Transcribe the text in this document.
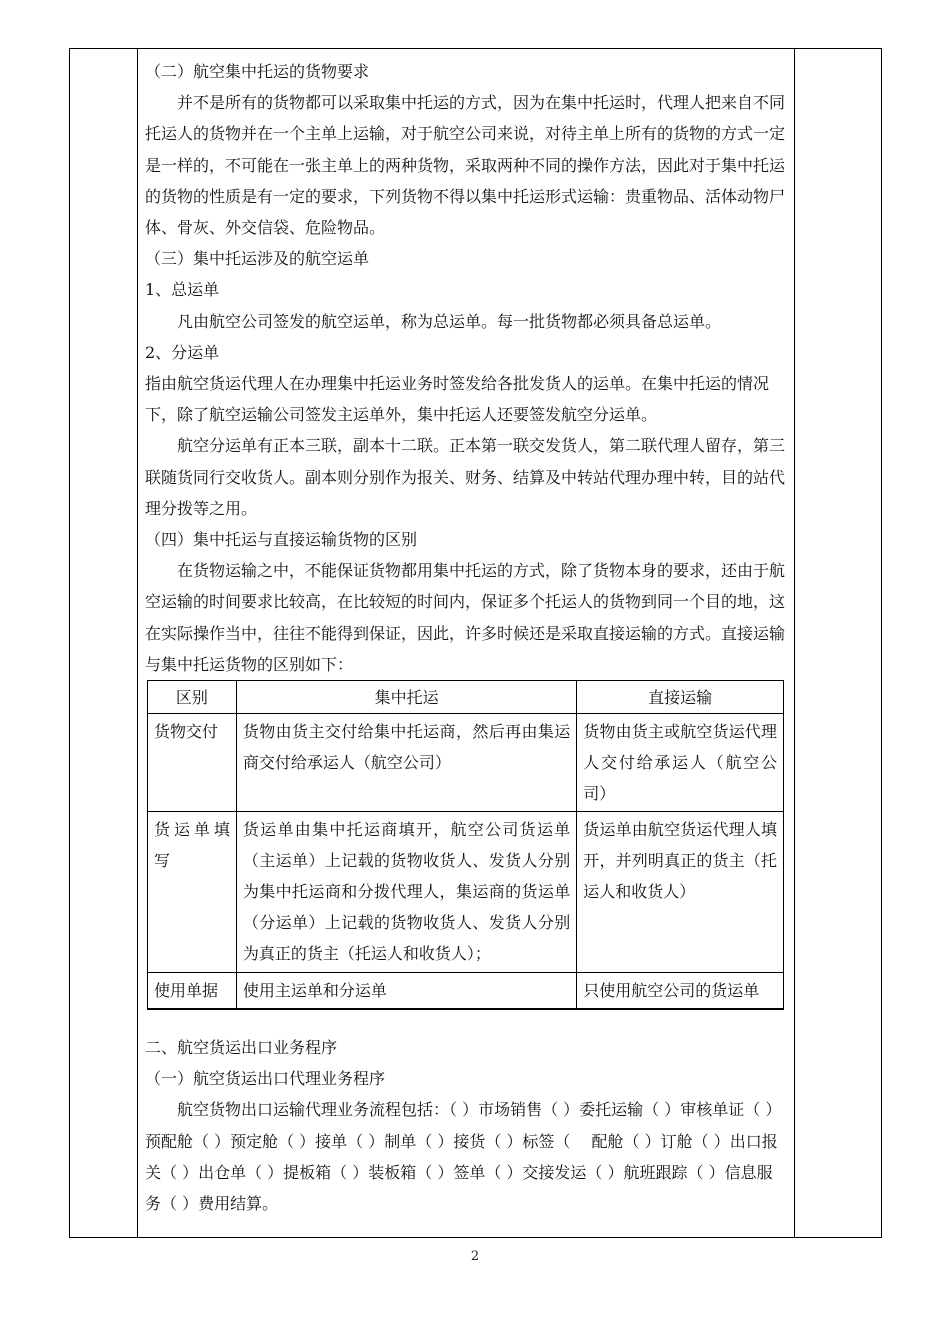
（二）航空集中托运的货物要求

并不是所有的货物都可以采取集中托运的方式，因为在集中托运时，代理人把来自不同托运人的货物并在一个主单上运输，对于航空公司来说，对待主单上所有的货物的方式一定是一样的，不可能在一张主单上的两种货物，采取两种不同的操作方法，因此对于集中托运的货物的性质是有一定的要求，下列货物不得以集中托运形式运输：贵重物品、活体动物尸体、骨灰、外交信袋、危险物品。

（三）集中托运涉及的航空运单

1、总运单

凡由航空公司签发的航空运单，称为总运单。每一批货物都必须具备总运单。

2、分运单

指由航空货运代理人在办理集中托运业务时签发给各批发货人的运单。在集中托运的情况下，除了航空运输公司签发主运单外，集中托运人还要签发航空分运单。

航空分运单有正本三联，副本十二联。正本第一联交发货人，第二联代理人留存，第三联随货同行交收货人。副本则分别作为报关、财务、结算及中转站代理办理中转，目的站代理分拨等之用。

（四）集中托运与直接运输货物的区别

在货物运输之中，不能保证货物都用集中托运的方式，除了货物本身的要求，还由于航空运输的时间要求比较高，在比较短的时间内，保证多个托运人的货物到同一个目的地，这在实际操作当中，往往不能得到保证，因此，许多时候还是采取直接运输的方式。直接运输与集中托运货物的区别如下：

区别	集中托运	直接运输
货物交付	货物由货主交付给集中托运商，然后再由集运商交付给承运人（航空公司）	货物由货主或航空货运代理人交付给承运人（航空公司）
货运单填写	货运单由集中托运商填开，航空公司货运单（主运单）上记载的货物收货人、发货人分别为集中托运商和分拨代理人，集运商的货运单（分运单）上记载的货物收货人、发货人分别为真正的货主（托运人和收货人）；	货运单由航空货运代理人填开，并列明真正的货主（托运人和收货人）
使用单据	使用主运单和分运单	只使用航空公司的货运单

二、航空货运出口业务程序

（一）航空货运出口代理业务程序

航空货物出口运输代理业务流程包括：（ ）市场销售（ ）委托运输（ ）审核单证（ ）预配舱（ ）预定舱（ ）接单（ ）制单（ ）接货（ ）标签（　 配舱（ ）订舱（ ）出口报关（ ）出仓单（ ）提板箱（ ）装板箱（ ）签单（ ）交接发运（ ）航班跟踪（ ）信息服务（ ）费用结算。

2
